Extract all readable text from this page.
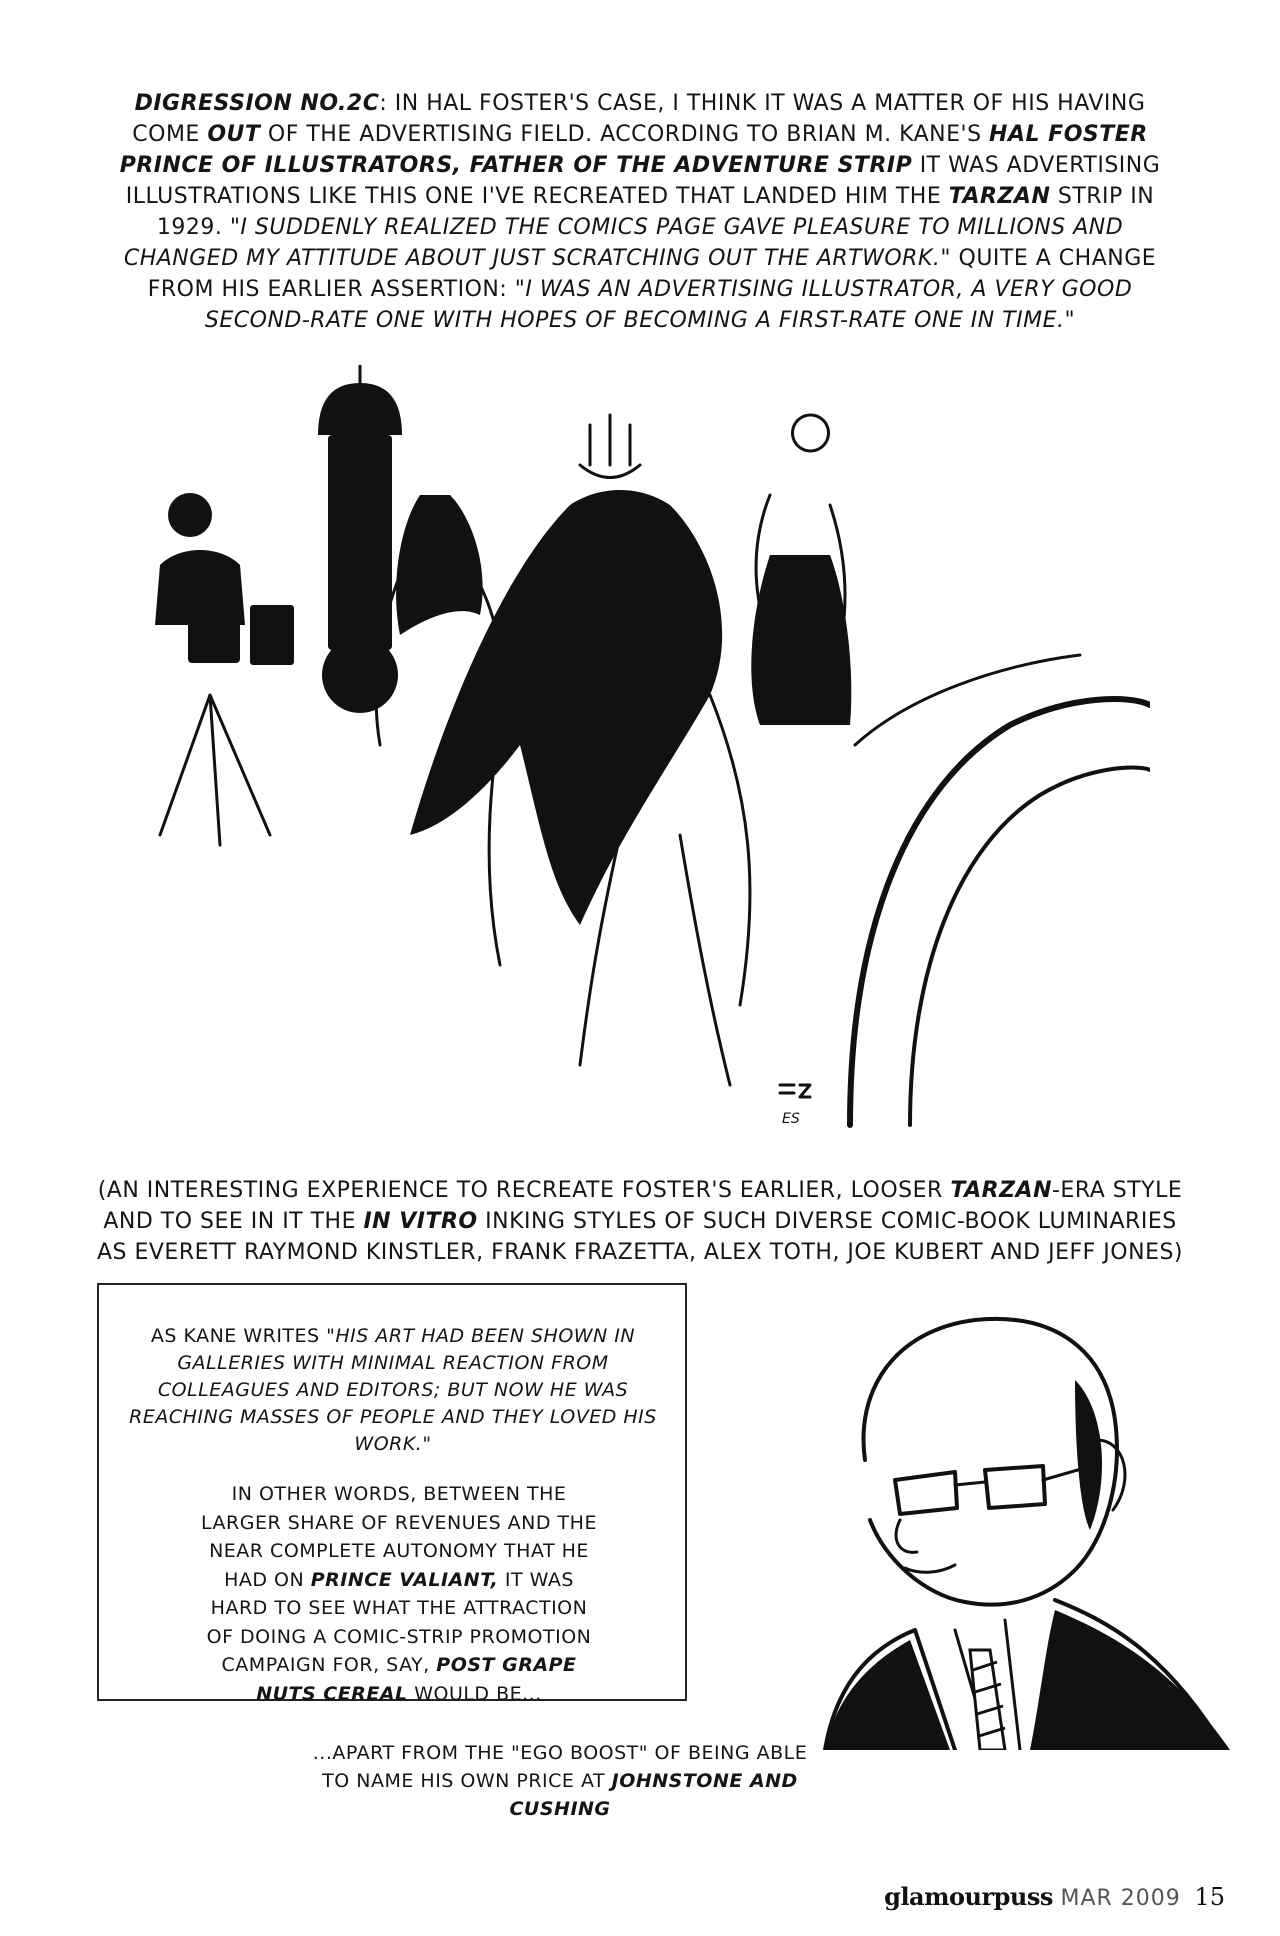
DIGRESSION NO.2C: IN HAL FOSTER'S CASE, I THINK IT WAS A MATTER OF HIS HAVING COME OUT OF THE ADVERTISING FIELD. ACCORDING TO BRIAN M. KANE'S HAL FOSTER PRINCE OF ILLUSTRATORS, FATHER OF THE ADVENTURE STRIP IT WAS ADVERTISING ILLUSTRATIONS LIKE THIS ONE I'VE RECREATED THAT LANDED HIM THE TARZAN STRIP IN 1929. "I SUDDENLY REALIZED THE COMICS PAGE GAVE PLEASURE TO MILLIONS AND CHANGED MY ATTITUDE ABOUT JUST SCRATCHING OUT THE ARTWORK." QUITE A CHANGE FROM HIS EARLIER ASSERTION: "I WAS AN ADVERTISING ILLUSTRATOR, A VERY GOOD SECOND-RATE ONE WITH HOPES OF BECOMING A FIRST-RATE ONE IN TIME."
ES
(AN INTERESTING EXPERIENCE TO RECREATE FOSTER'S EARLIER, LOOSER TARZAN-ERA STYLE AND TO SEE IN IT THE IN VITRO INKING STYLES OF SUCH DIVERSE COMIC-BOOK LUMINARIES AS EVERETT RAYMOND KINSTLER, FRANK FRAZETTA, ALEX TOTH, JOE KUBERT AND JEFF JONES)
AS KANE WRITES "HIS ART HAD BEEN SHOWN IN GALLERIES WITH MINIMAL REACTION FROM COLLEAGUES AND EDITORS; BUT NOW HE WAS REACHING MASSES OF PEOPLE AND THEY LOVED HIS WORK."
IN OTHER WORDS, BETWEEN THE LARGER SHARE OF REVENUES AND THE NEAR COMPLETE AUTONOMY THAT HE HAD ON PRINCE VALIANT, IT WAS HARD TO SEE WHAT THE ATTRACTION OF DOING A COMIC-STRIP PROMOTION CAMPAIGN FOR, SAY, POST GRAPE NUTS CEREAL WOULD BE...
...APART FROM THE "EGO BOOST" OF BEING ABLE TO NAME HIS OWN PRICE AT JOHNSTONE AND CUSHING
glamourpuss MAR 2009 15
